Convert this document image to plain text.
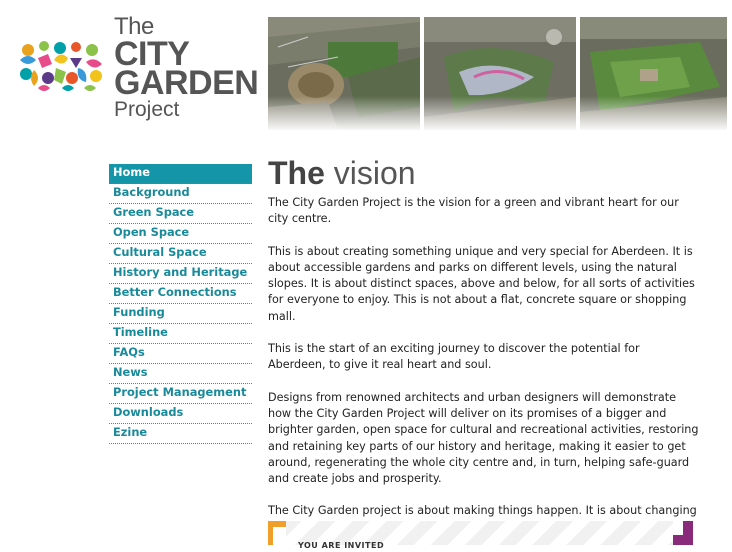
The
CITY
GARDEN
Project
Home
Background
Green Space
Open Space
Cultural Space
History and Heritage
Better Connections
Funding
Timeline
FAQs
News
Project Management
Downloads
Ezine
The vision

The City Garden Project is the vision for a green and vibrant heart for our city centre.

This is about creating something unique and very special for Aberdeen. It is about accessible gardens and parks on different levels, using the natural slopes. It is about distinct spaces, above and below, for all sorts of activities for everyone to enjoy. This is not about a flat, concrete square or shopping mall.

This is the start of an exciting journey to discover the potential for Aberdeen, to give it real heart and soul.

Designs from renowned architects and urban designers will demonstrate how the City Garden Project will deliver on its promises of a bigger and brighter garden, open space for cultural and recreational activities, restoring and retaining key parts of our history and heritage, making it easier to get around, regenerating the whole city centre and, in turn, helping safe-guard and create jobs and prosperity.

The City Garden project is about making things happen. It is about changing

YOU ARE INVITED
